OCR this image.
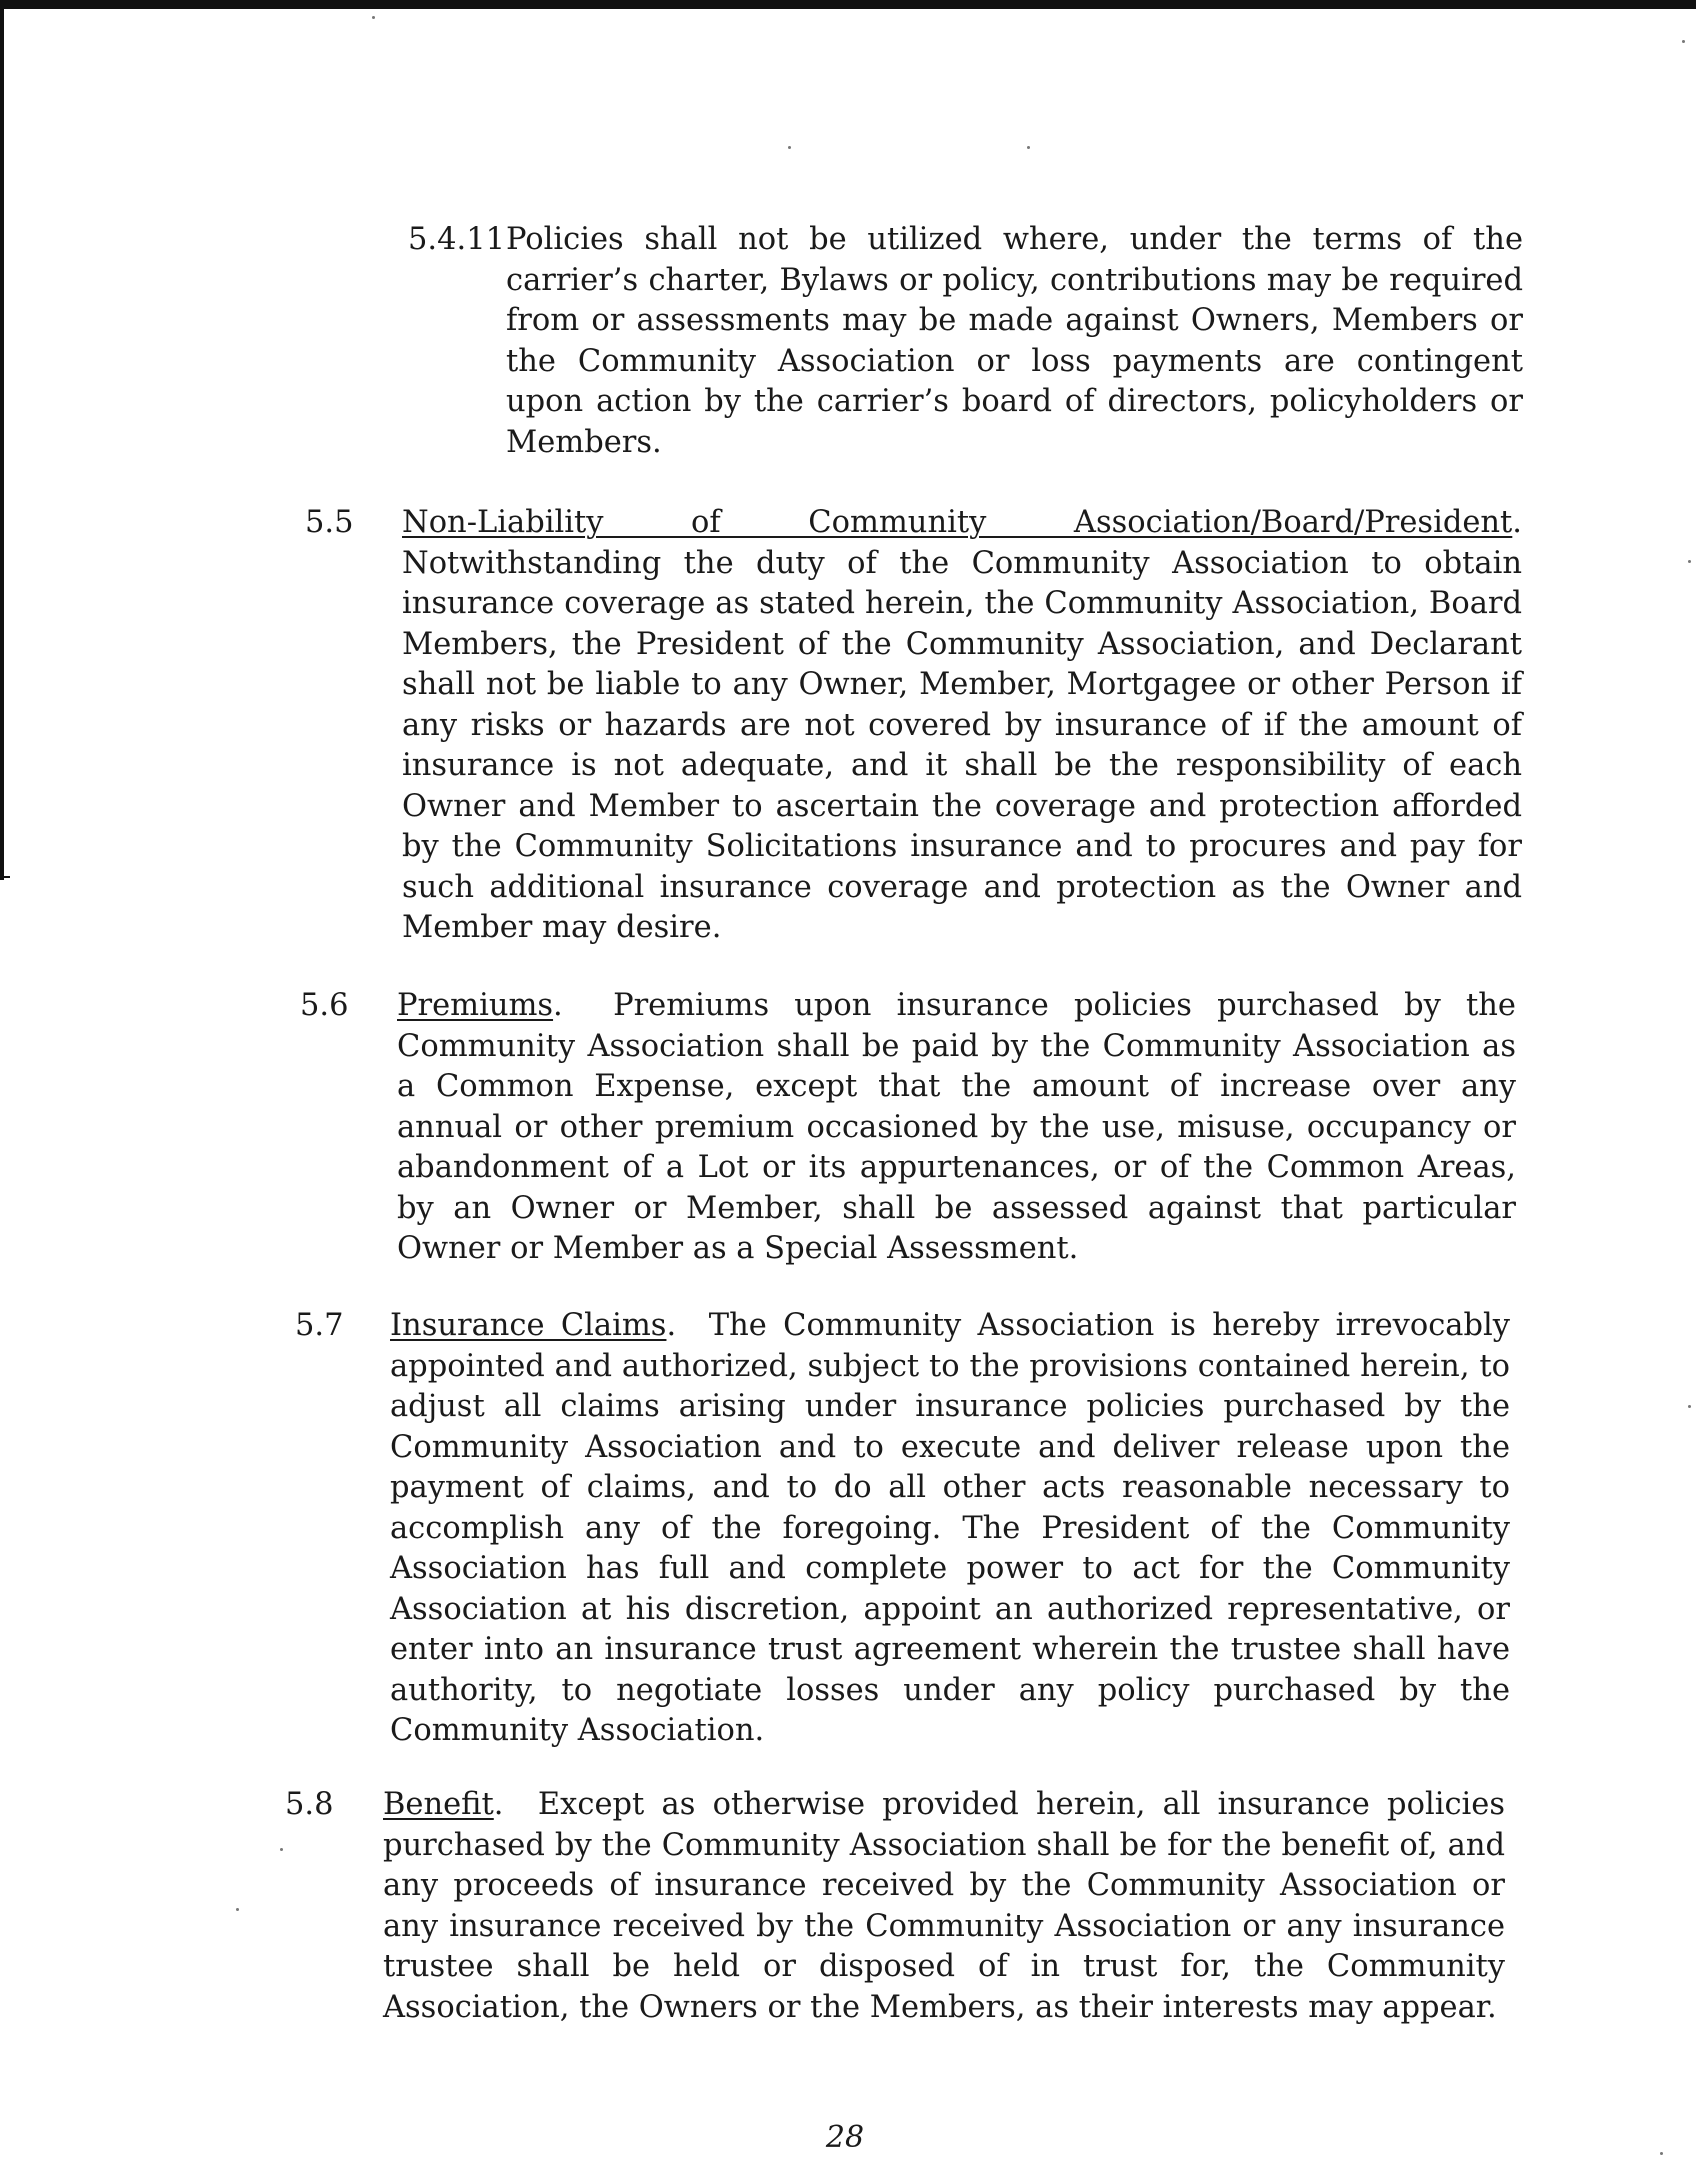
5.4.11 Policies shall not be utilized where, under the terms of the carrier’s charter, Bylaws or policy, contributions may be required from or assessments may be made against Owners, Members or the Community Association or loss payments are contingent upon action by the carrier’s board of directors, policyholders or Members.
5.5 Non-Liability of Community Association/Board/President.
Notwithstanding the duty of the Community Association to obtain insurance coverage as stated herein, the Community Association, Board Members, the President of the Community Association, and Declarant shall not be liable to any Owner, Member, Mortgagee or other Person if any risks or hazards are not covered by insurance of if the amount of insurance is not adequate, and it shall be the responsibility of each Owner and Member to ascertain the coverage and protection afforded by the Community Solicitations insurance and to procures and pay for such additional insurance coverage and protection as the Owner and Member may desire.
5.6 Premiums.  Premiums upon insurance policies purchased by the Community Association shall be paid by the Community Association as a Common Expense, except that the amount of increase over any annual or other premium occasioned by the use, misuse, occupancy or abandonment of a Lot or its appurtenances, or of the Common Areas, by an Owner or Member, shall be assessed against that particular Owner or Member as a Special Assessment.
5.7 Insurance Claims.  The Community Association is hereby irrevocably appointed and authorized, subject to the provisions contained herein, to adjust all claims arising under insurance policies purchased by the Community Association and to execute and deliver release upon the payment of claims, and to do all other acts reasonable necessary to accomplish any of the foregoing. The President of the Community Association has full and complete power to act for the Community Association at his discretion, appoint an authorized representative, or enter into an insurance trust agreement wherein the trustee shall have authority, to negotiate losses under any policy purchased by the Community Association.
5.8 Benefit.  Except as otherwise provided herein, all insurance policies purchased by the Community Association shall be for the benefit of, and any proceeds of insurance received by the Community Association or any insurance received by the Community Association or any insurance trustee shall be held or disposed of in trust for, the Community Association, the Owners or the Members, as their interests may appear.
28
